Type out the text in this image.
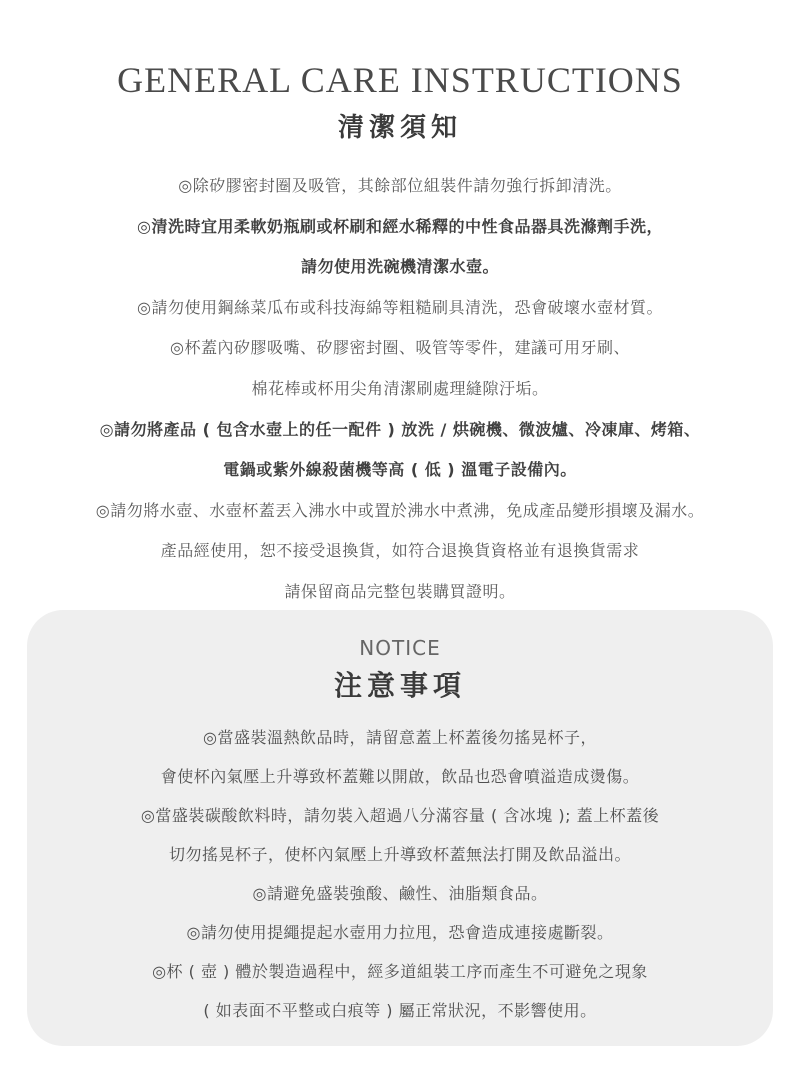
GENERAL CARE INSTRUCTIONS
清潔須知
◎除矽膠密封圈及吸管，其餘部位組裝件請勿強行拆卸清洗。
◎清洗時宜用柔軟奶瓶刷或杯刷和經水稀釋的中性食品器具洗滌劑手洗，
請勿使用洗碗機清潔水壺。
◎請勿使用鋼絲菜瓜布或科技海綿等粗糙刷具清洗，恐會破壞水壺材質。
◎杯蓋內矽膠吸嘴、矽膠密封圈、吸管等零件，建議可用牙刷、
棉花棒或杯用尖角清潔刷處理縫隙汙垢。
◎請勿將產品 ( 包含水壺上的任一配件 ) 放洗 / 烘碗機、微波爐、冷凍庫、烤箱、
電鍋或紫外線殺菌機等高 ( 低 ) 溫電子設備內。
◎請勿將水壺、水壺杯蓋丟入沸水中或置於沸水中煮沸，免成產品變形損壞及漏水。
產品經使用，恕不接受退換貨，如符合退換貨資格並有退換貨需求
請保留商品完整包裝購買證明。
NOTICE
注意事項
◎當盛裝溫熱飲品時，請留意蓋上杯蓋後勿搖晃杯子，
會使杯內氣壓上升導致杯蓋難以開啟，飲品也恐會噴溢造成燙傷。
◎當盛裝碳酸飲料時，請勿裝入超過八分滿容量 ( 含冰塊 ); 蓋上杯蓋後
切勿搖晃杯子，使杯內氣壓上升導致杯蓋無法打開及飲品溢出。
◎請避免盛裝強酸、鹼性、油脂類食品。
◎請勿使用提繩提起水壺用力拉甩，恐會造成連接處斷裂。
◎杯 ( 壺 ) 體於製造過程中，經多道組裝工序而產生不可避免之現象
( 如表面不平整或白痕等 ) 屬正常狀況，不影響使用。
